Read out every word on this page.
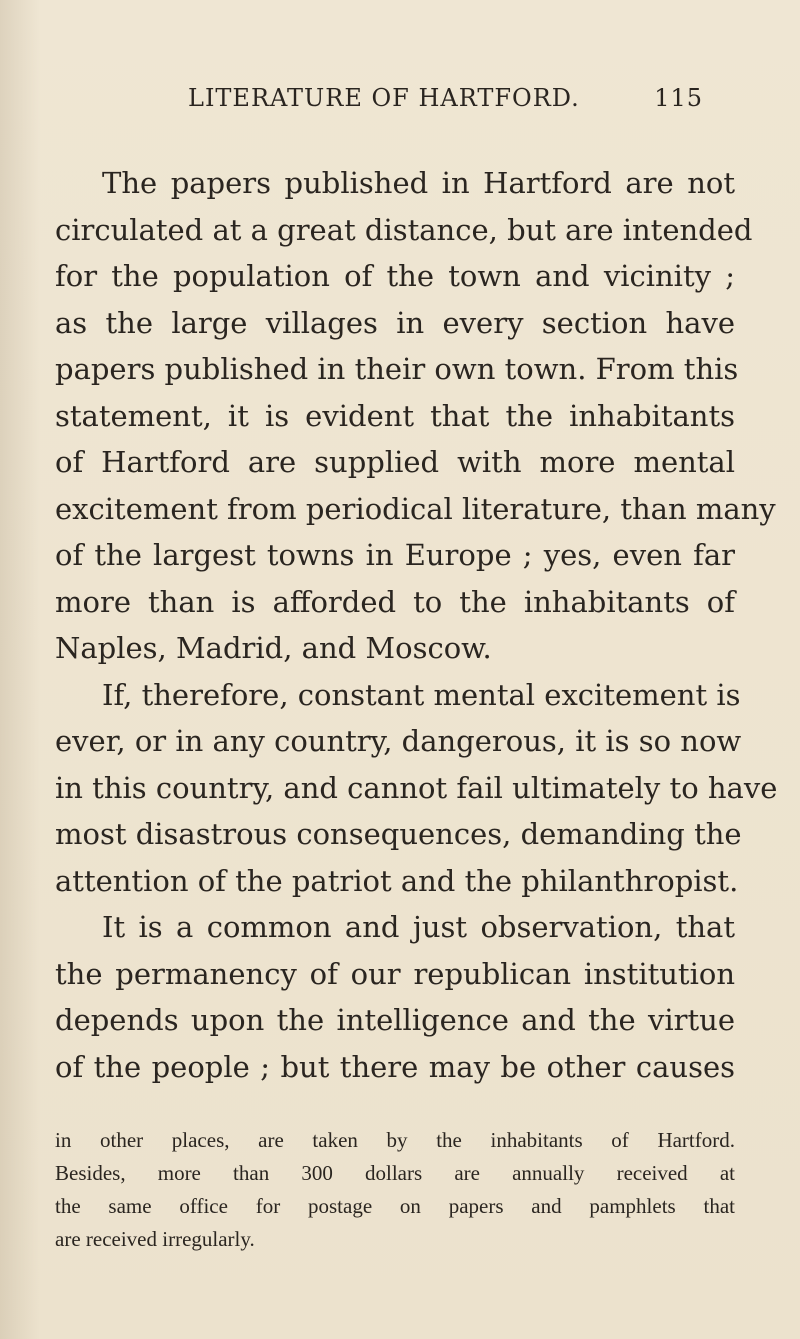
LITERATURE OF HARTFORD.	115
The papers published in Hartford are not
circulated at a great distance, but are intended
for the population of the town and vicinity ;
as the large villages in every section have
papers published in their own town. From this
statement, it is evident that the inhabitants
of Hartford are supplied with more mental
excitement from periodical literature, than many
of the largest towns in Europe ; yes, even far
more than is afforded to the inhabitants of
Naples, Madrid, and Moscow.
If, therefore, constant mental excitement is
ever, or in any country, dangerous, it is so now
in this country, and cannot fail ultimately to have
most disastrous consequences, demanding the
attention of the patriot and the philanthropist.
It is a common and just observation, that
the permanency of our republican institution
depends upon the intelligence and the virtue
of the people ; but there may be other causes
in other places, are taken by the inhabitants of Hartford.
Besides, more than 300 dollars are annually received at
the same office for postage on papers and pamphlets that
are received irregularly.
